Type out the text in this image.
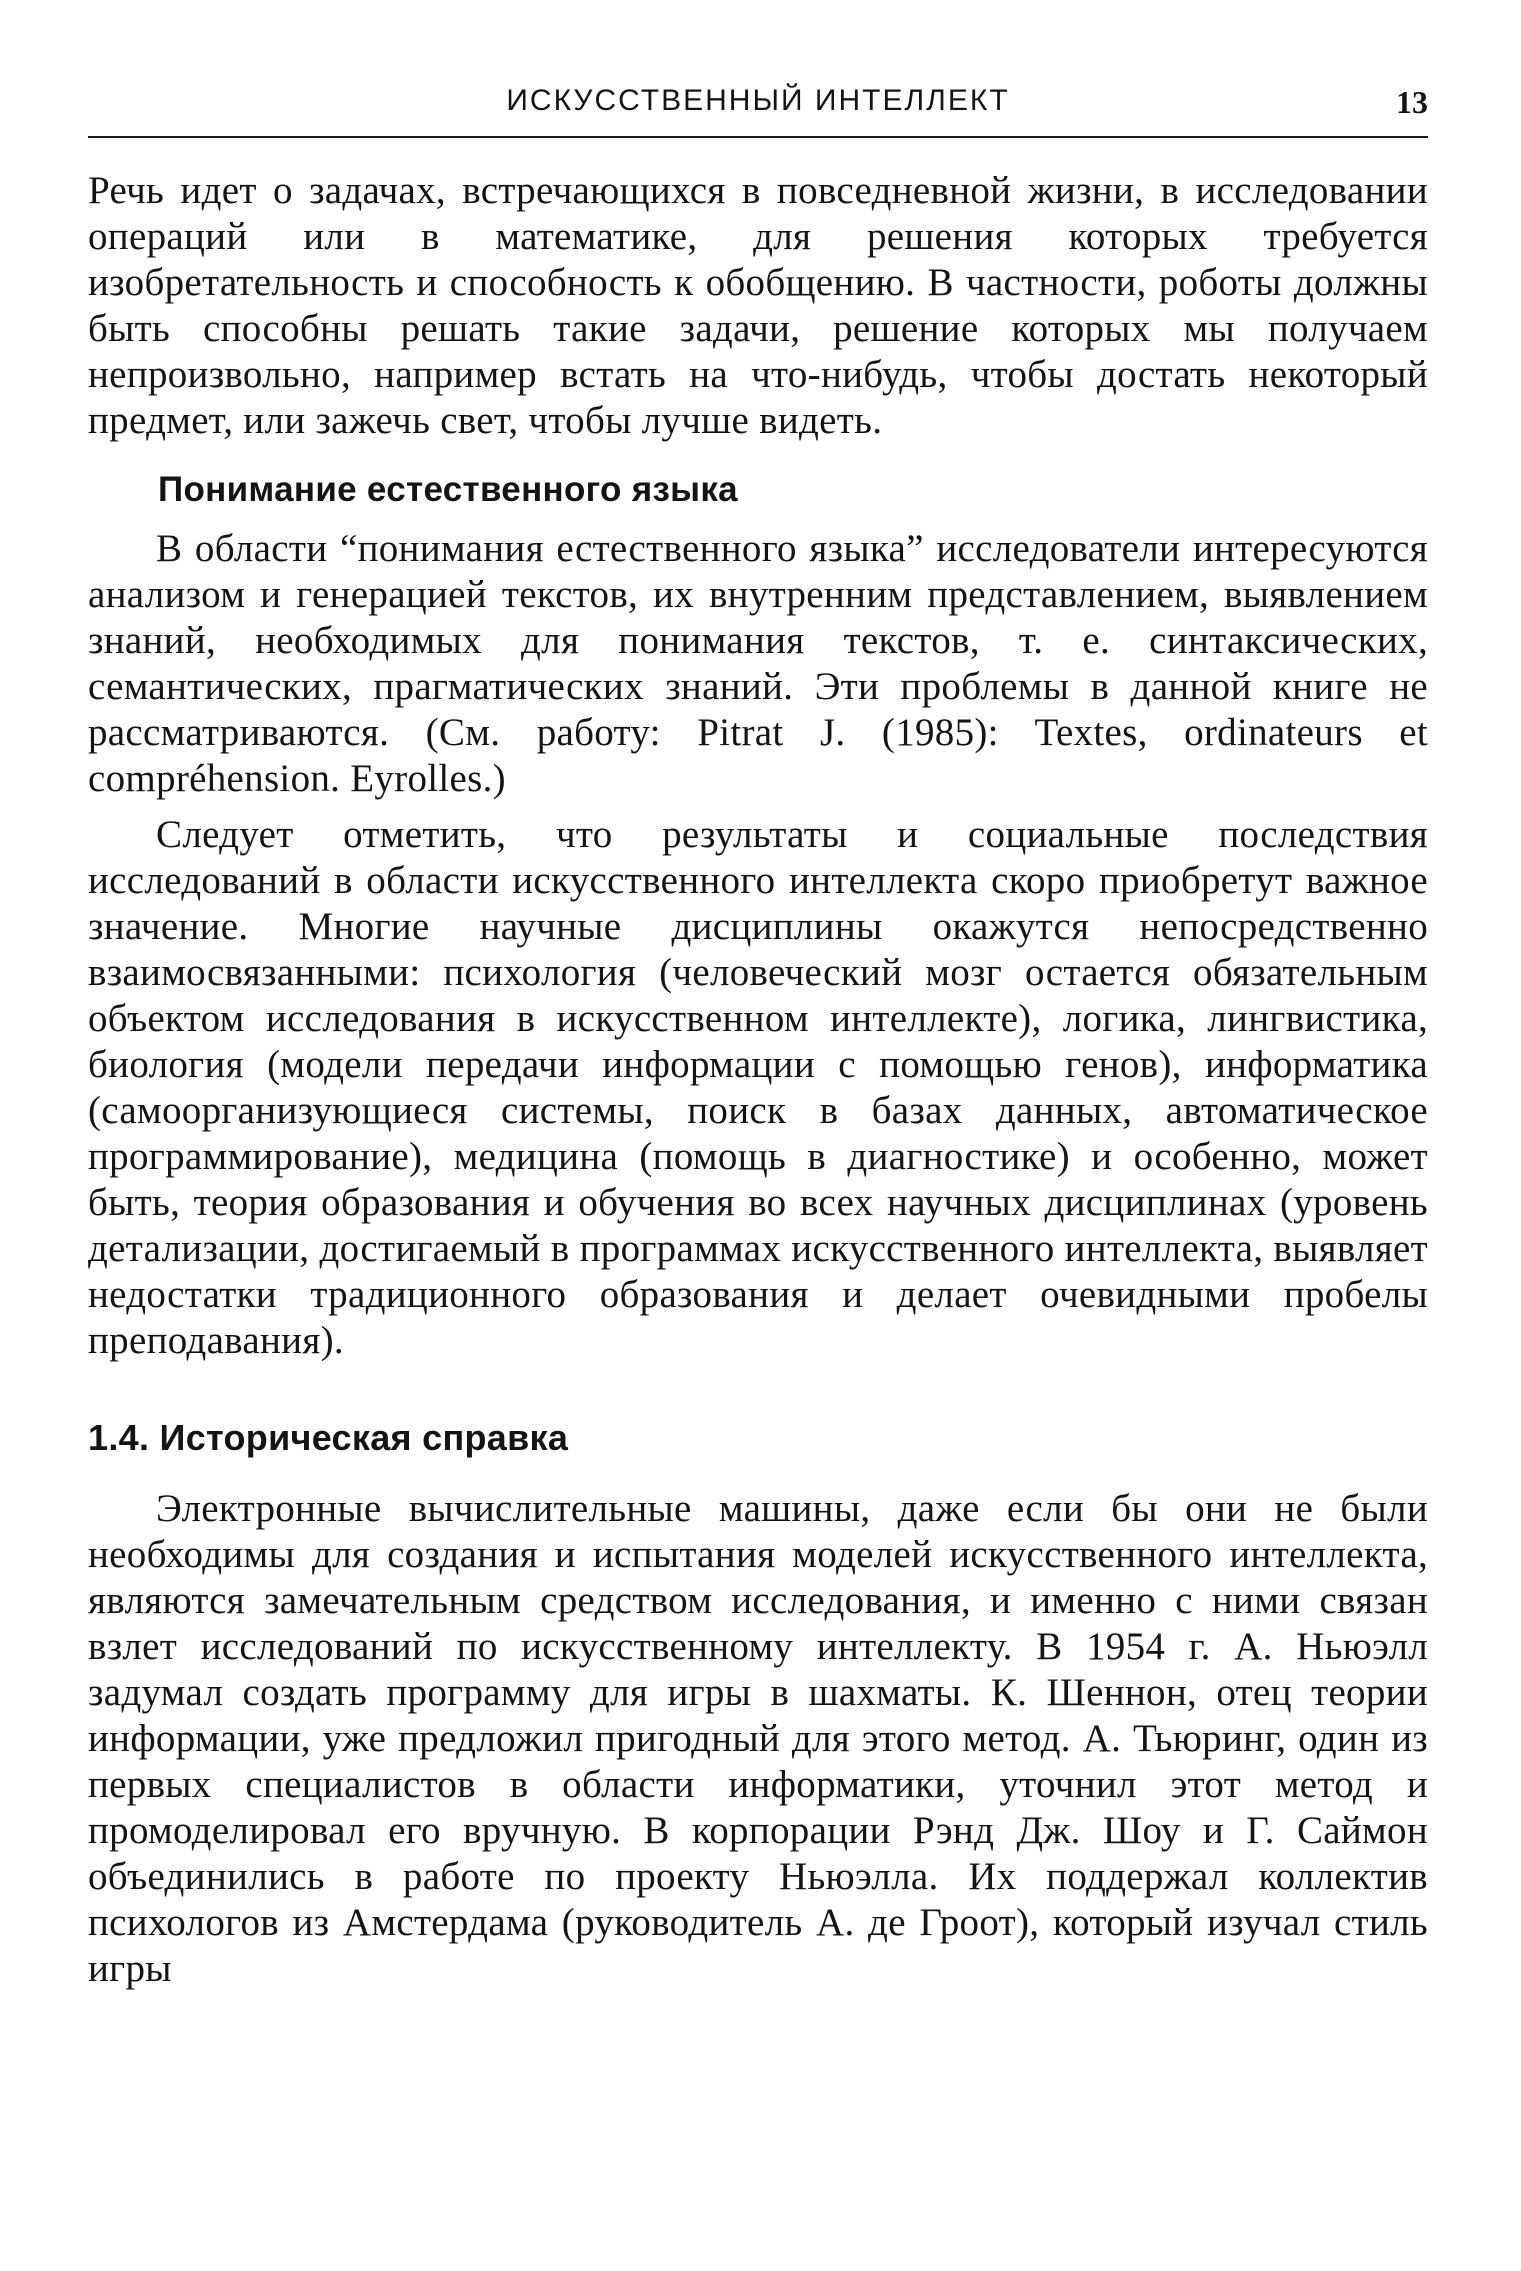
ИСКУССТВЕННЫЙ ИНТЕЛЛЕКТ	13

Речь идет о задачах, встречающихся в повседневной жизни, в исследовании операций или в математике, для решения которых требуется изобретательность и способность к обобщению. В частности, роботы должны быть способны решать такие задачи, решение которых мы получаем непроизвольно, например встать на что-нибудь, чтобы достать некоторый предмет, или зажечь свет, чтобы лучше видеть.

Понимание естественного языка

В области “понимания естественного языка” исследователи интересуются анализом и генерацией текстов, их внутренним представлением, выявлением знаний, необходимых для понимания текстов, т. е. синтаксических, семантических, прагматических знаний. Эти проблемы в данной книге не рассматриваются. (См. работу: Pitrat J. (1985): Textes, ordinateurs et compréhension. Eyrolles.)

Следует отметить, что результаты и социальные последствия исследований в области искусственного интеллекта скоро приобретут важное значение. Многие научные дисциплины окажутся непосредственно взаимосвязанными: психология (человеческий мозг остается обязательным объектом исследования в искусственном интеллекте), логика, лингвистика, биология (модели передачи информации с помощью генов), информатика (самоорганизующиеся системы, поиск в базах данных, автоматическое программирование), медицина (помощь в диагностике) и особенно, может быть, теория образования и обучения во всех научных дисциплинах (уровень детализации, достигаемый в программах искусственного интеллекта, выявляет недостатки традиционного образования и делает очевидными пробелы преподавания).

1.4. Историческая справка

Электронные вычислительные машины, даже если бы они не были необходимы для создания и испытания моделей искусственного интеллекта, являются замечательным средством исследования, и именно с ними связан взлет исследований по искусственному интеллекту. В 1954 г. А. Ньюэлл задумал создать программу для игры в шахматы. К. Шеннон, отец теории информации, уже предложил пригодный для этого метод. А. Тьюринг, один из первых специалистов в области информатики, уточнил этот метод и промоделировал его вручную. В корпорации Рэнд Дж. Шоу и Г. Саймон объединились в работе по проекту Ньюэлла. Их поддержал коллектив психологов из Амстердама (руководитель А. де Гроот), который изучал стиль игры
